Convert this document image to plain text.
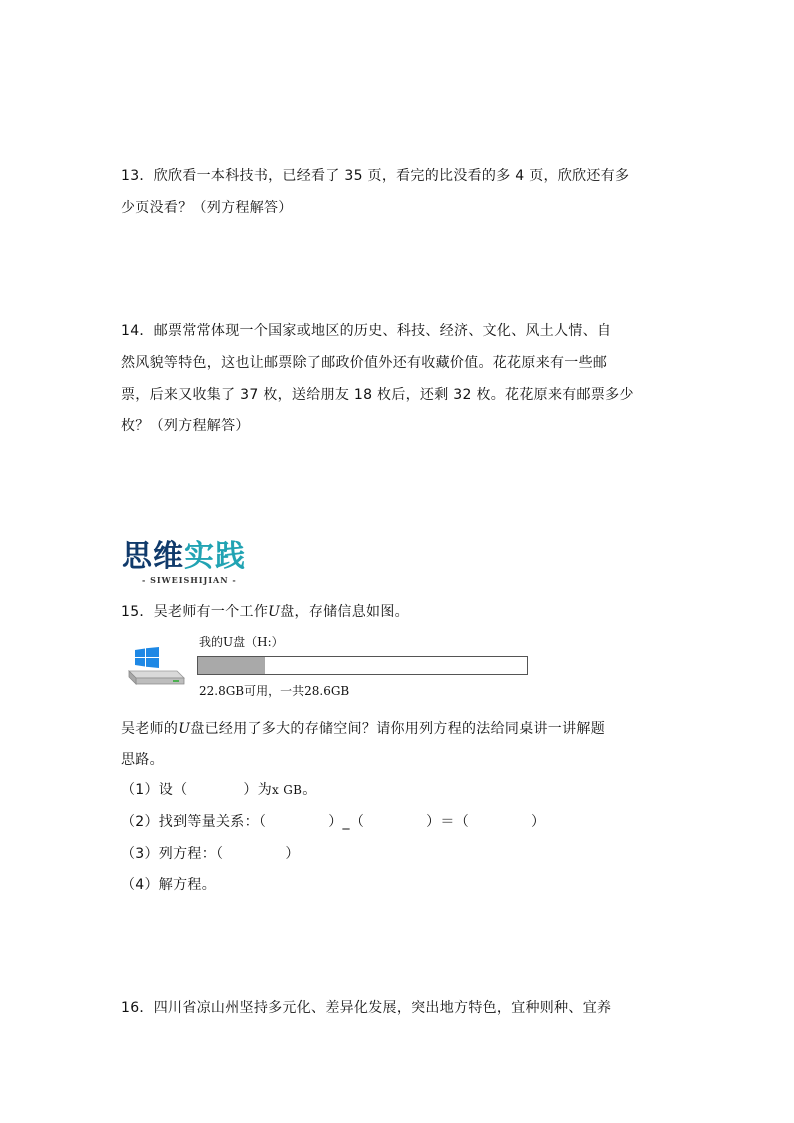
13．欣欣看一本科技书，已经看了 35 页，看完的比没看的多 4 页，欣欣还有多
少页没看？（列方程解答）
14．邮票常常体现一个国家或地区的历史、科技、经济、文化、风土人情、自
然风貌等特色，这也让邮票除了邮政价值外还有收藏价值。花花原来有一些邮
票，后来又收集了 37 枚，送给朋友 18 枚后，还剩 32 枚。花花原来有邮票多少
枚？（列方程解答）
思维实践
- SIWEISHIJIAN -
15．吴老师有一个工作U盘，存储信息如图。
我的U盘（H:）
22.8GB可用，一共28.6GB
吴老师的U盘已经用了多大的存储空间？请你用列方程的法给同桌讲一讲解题
思路。
（1）设（	）为x GB。
（2）找到等量关系：（	）_（	）＝（	）
（3）列方程：（	）
（4）解方程。
16．四川省凉山州坚持多元化、差异化发展，突出地方特色，宜种则种、宜养
